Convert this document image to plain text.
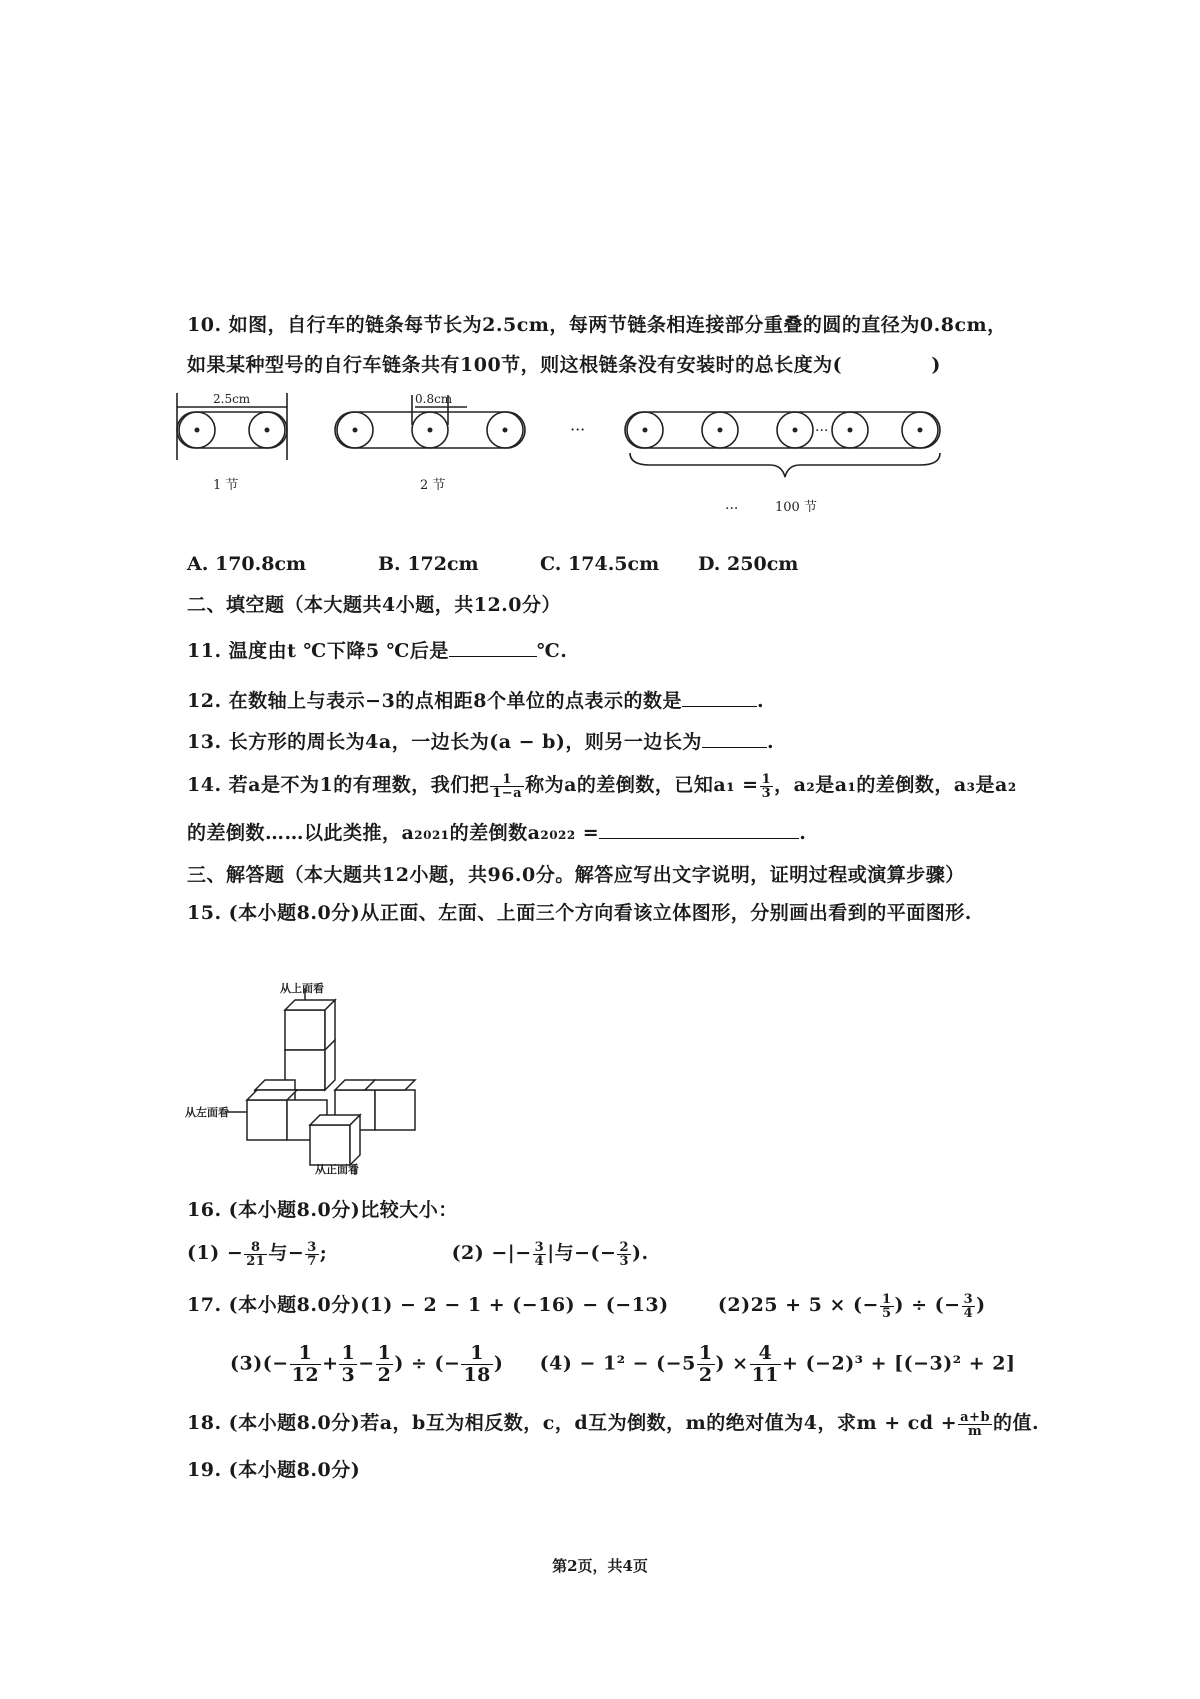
10. 如图，自行车的链条每节长为2.5cm，每两节链条相连接部分重叠的圆的直径为0.8cm，
如果某种型号的自行车链条共有100节，则这根链条没有安装时的总长度为(	)
2.5cm	0.8cm
1 节	2 节
···	···
···	100 节
A. 170.8cm	B. 172cm	C. 174.5cm D. 250cm
二、填空题（本大题共4小题，共12.0分）
11. 温度由t ℃下降5 ℃后是	℃.
12. 在数轴上与表示−3的点相距8个单位的点表示的数是	.
13. 长方形的周长为4a，一边长为(a − b)，则另一边长为	.
14. 若a是不为1的有理数，我们把 $\frac{1}{1-a}$ 称为a的差倒数，已知$a_1 = \frac{1}{3}$ ，a₂是a₁的差倒数，a₃是a₂
的差倒数……以此类推，a₂₀₂₁的差倒数a₂₀₂₂ =	.
三、解答题（本大题共12小题，共96.0分。解答应写出文字说明，证明过程或演算步骤）
15. (本小题8.0分)从正面、左面、上面三个方向看该立体图形，分别画出看到的平面图形.
从上面看
从左面看
从正面看
16. (本小题8.0分)比较大小：
$(1) - \frac{8}{21}$ 与− $\frac{3}{7}$ ;	(2) −|− $\frac{3}{4}$ |与−(− $\frac{2}{3}$ ).
17. (本小题8.0分)(1) − 2 − 1 + (−16) − (−13)	(2)25 + 5 × (− $\frac{1}{5}$ ) ÷ (− $\frac{3}{4}$ )
$(3)(- \frac{1}{12} + \frac{1}{3} - \frac{1}{2}$ ) ÷ (− $\frac{1}{18}$ ) $(4) - 1^2 - (-5 \frac{1}{2}$ ) × $\frac{4}{11} + (-2)^3 + [(-3)^2 + 2]$
18. (本小题8.0分)若a，b互为相反数，c，d互为倒数，m的绝对值为4，求m + cd + $\frac{a+b}{m}$ 的值.
19. (本小题8.0分)
第2页，共4页
